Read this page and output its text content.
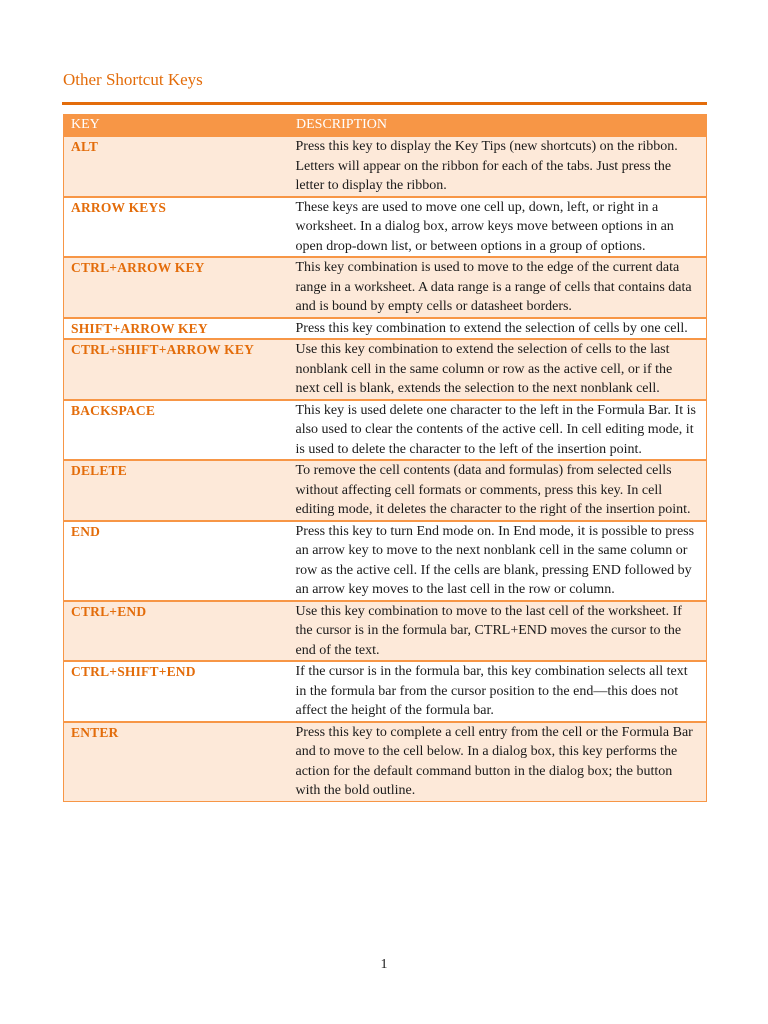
Other Shortcut Keys
KEY	DESCRIPTION
ALT	Press this key to display the Key Tips (new shortcuts) on the ribbon. Letters will appear on the ribbon for each of the tabs. Just press the letter to display the ribbon.
ARROW KEYS	These keys are used to move one cell up, down, left, or right in a worksheet. In a dialog box, arrow keys move between options in an open drop-down list, or between options in a group of options.
CTRL+ARROW KEY	This key combination is used to move to the edge of the current data range in a worksheet. A data range is a range of cells that contains data and is bound by empty cells or datasheet borders.
SHIFT+ARROW KEY	Press this key combination to extend the selection of cells by one cell.
CTRL+SHIFT+ARROW KEY	Use this key combination to extend the selection of cells to the last nonblank cell in the same column or row as the active cell, or if the next cell is blank, extends the selection to the next nonblank cell.
BACKSPACE	This key is used delete one character to the left in the Formula Bar. It is also used to clear the contents of the active cell. In cell editing mode, it is used to delete the character to the left of the insertion point.
DELETE	To remove the cell contents (data and formulas) from selected cells without affecting cell formats or comments, press this key. In cell editing mode, it deletes the character to the right of the insertion point.
END	Press this key to turn End mode on. In End mode, it is possible to press an arrow key to move to the next nonblank cell in the same column or row as the active cell. If the cells are blank, pressing END followed by an arrow key moves to the last cell in the row or column.
CTRL+END	Use this key combination to move to the last cell of the worksheet. If the cursor is in the formula bar, CTRL+END moves the cursor to the end of the text.
CTRL+SHIFT+END	If the cursor is in the formula bar, this key combination selects all text in the formula bar from the cursor position to the end—this does not affect the height of the formula bar.
ENTER	Press this key to complete a cell entry from the cell or the Formula Bar and to move to the cell below. In a dialog box, this key performs the action for the default command button in the dialog box; the button with the bold outline.
1
